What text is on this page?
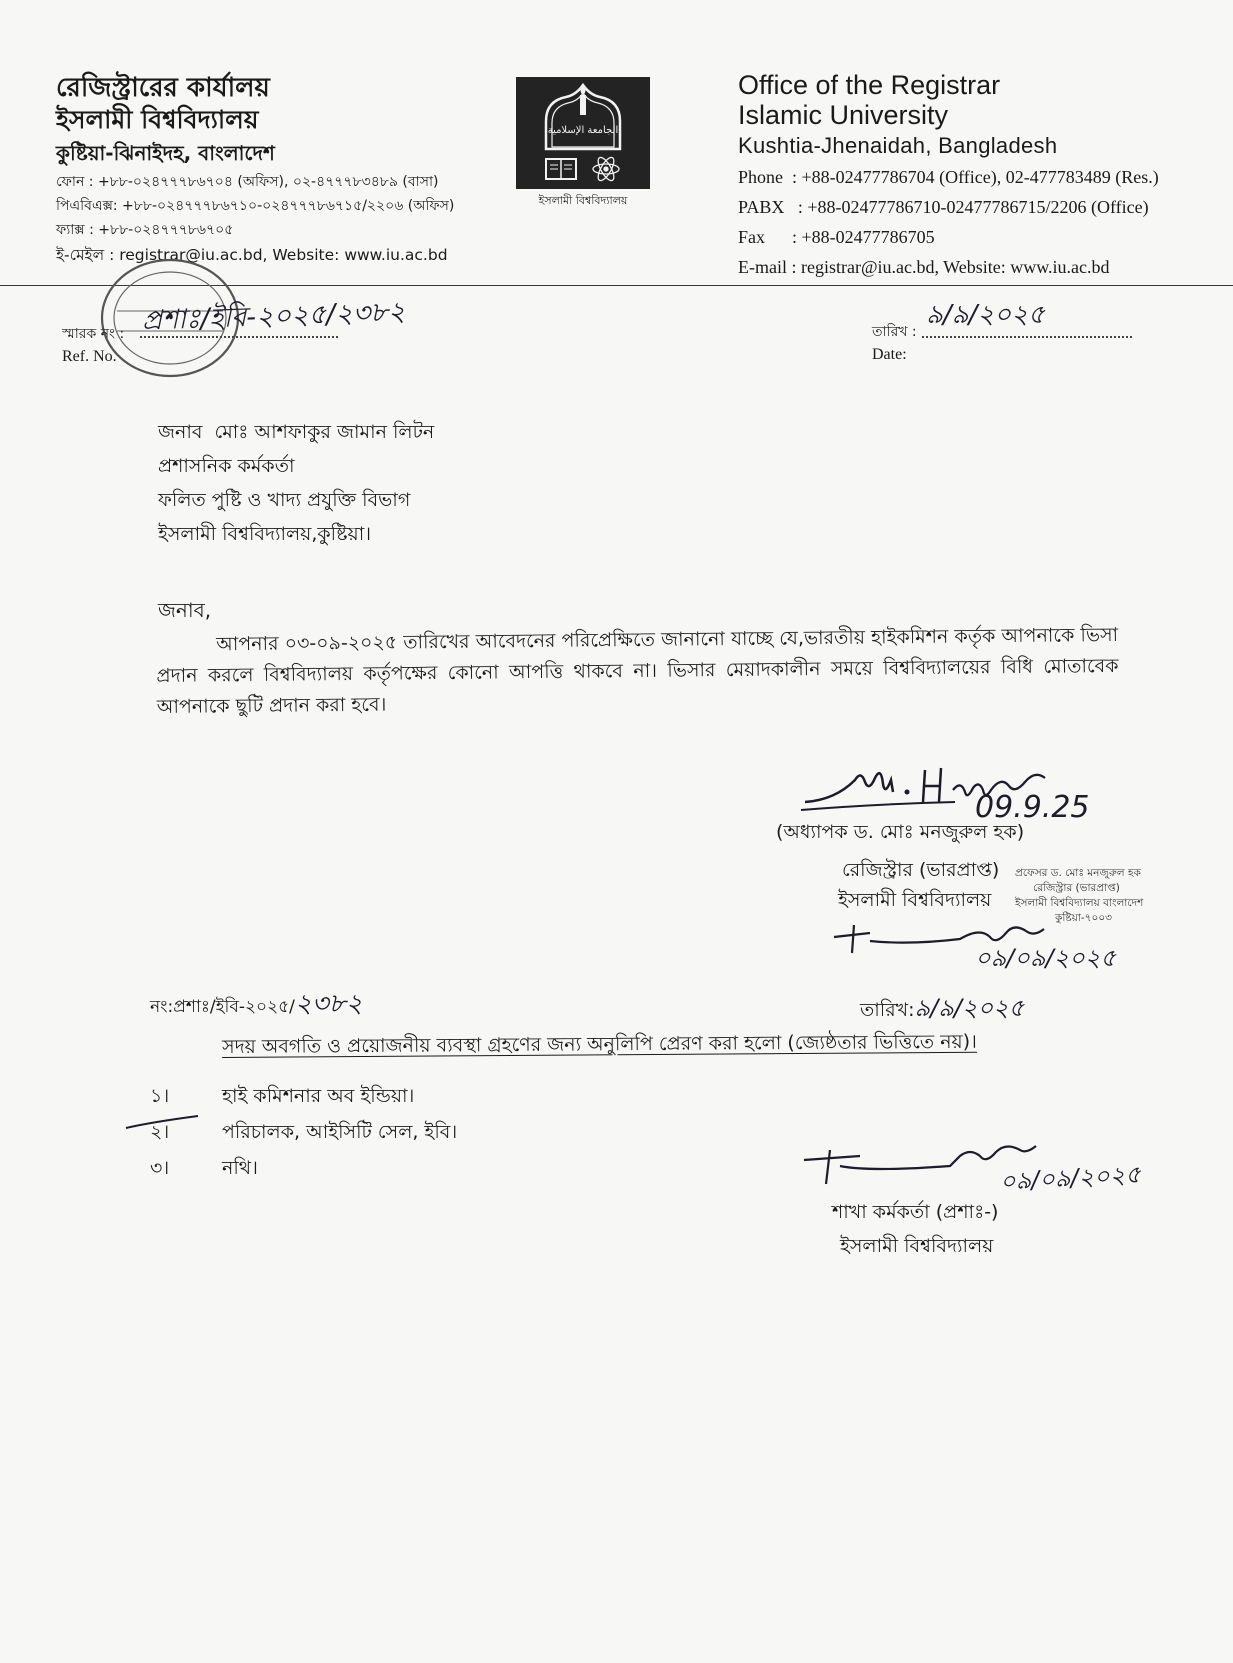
রেজিস্ট্রারের কার্যালয়
ইসলামী বিশ্ববিদ্যালয়
কুষ্টিয়া-ঝিনাইদহ, বাংলাদেশ
ফোন : +৮৮-০২৪৭৭৭৮৬৭০৪ (অফিস), ০২-৪৭৭৭৮৩৪৮৯ (বাসা)
পিএবিএক্স: +৮৮-০২৪৭৭৭৮৬৭১০-০২৪৭৭৭৮৬৭১৫/২২০৬ (অফিস)
ফ্যাক্স : +৮৮-০২৪৭৭৭৮৬৭০৫
ই-মেইল : registrar@iu.ac.bd, Website: www.iu.ac.bd
الجامعة الإسلامية
ইসলামী বিশ্ববিদ্যালয়
Office of the Registrar
Islamic University
Kushtia-Jhenaidah, Bangladesh
Phone  : +88-02477786704 (Office), 02-477783489 (Res.)
PABX   : +88-02477786710-02477786715/2206 (Office)
Fax      : +88-02477786705
E-mail : registrar@iu.ac.bd, Website: www.iu.ac.bd
স্মারক নং :
Ref. No.
প্রশাঃ/ইবি-২০২৫/২৩৮২	তারিখ :
Date:
৯/৯/২০২৫
জনাব  মোঃ আশফাকুর জামান লিটন
প্রশাসনিক কর্মকর্তা
ফলিত পুষ্টি ও খাদ্য প্রযুক্তি বিভাগ
ইসলামী বিশ্ববিদ্যালয়,কুষ্টিয়া।
জনাব,
আপনার ০৩-০৯-২০২৫ তারিখের আবেদনের পরিপ্রেক্ষিতে জানানো যাচ্ছে যে,ভারতীয় হাইকমিশন কর্তৃক আপনাকে ভিসা প্রদান করলে বিশ্ববিদ্যালয় কর্তৃপক্ষের কোনো আপত্তি থাকবে না। ভিসার মেয়াদকালীন সময়ে বিশ্ববিদ্যালয়ের বিধি মোতাবেক আপনাকে ছুটি প্রদান করা হবে।
09.9.25
(অধ্যাপক ড. মোঃ মনজুরুল হক)
রেজিস্ট্রার (ভারপ্রাপ্ত)
ইসলামী বিশ্ববিদ্যালয়
প্রফেসর ড. মোঃ মনজুরুল হক
রেজিস্ট্রার (ভারপ্রাপ্ত)
ইসলামী বিশ্ববিদ্যালয় বাংলাদেশ
কুষ্টিয়া-৭০০৩
০৯/০৯/২০২৫
নং:প্রশাঃ/ইবি-২০২৫/২৩৮২	তারিখ:৯/৯/২০২৫
সদয় অবগতি ও প্রয়োজনীয় ব্যবস্থা গ্রহণের জন্য অনুলিপি প্রেরণ করা হলো (জ্যেষ্ঠতার ভিত্তিতে নয়)।
১।	হাই কমিশনার অব ইন্ডিয়া।
২।	পরিচালক, আইসিটি সেল, ইবি।
৩।	নথি।	০৯/০৯/২০২৫
শাখা কর্মকর্তা (প্রশাঃ-)
ইসলামী বিশ্ববিদ্যালয়
